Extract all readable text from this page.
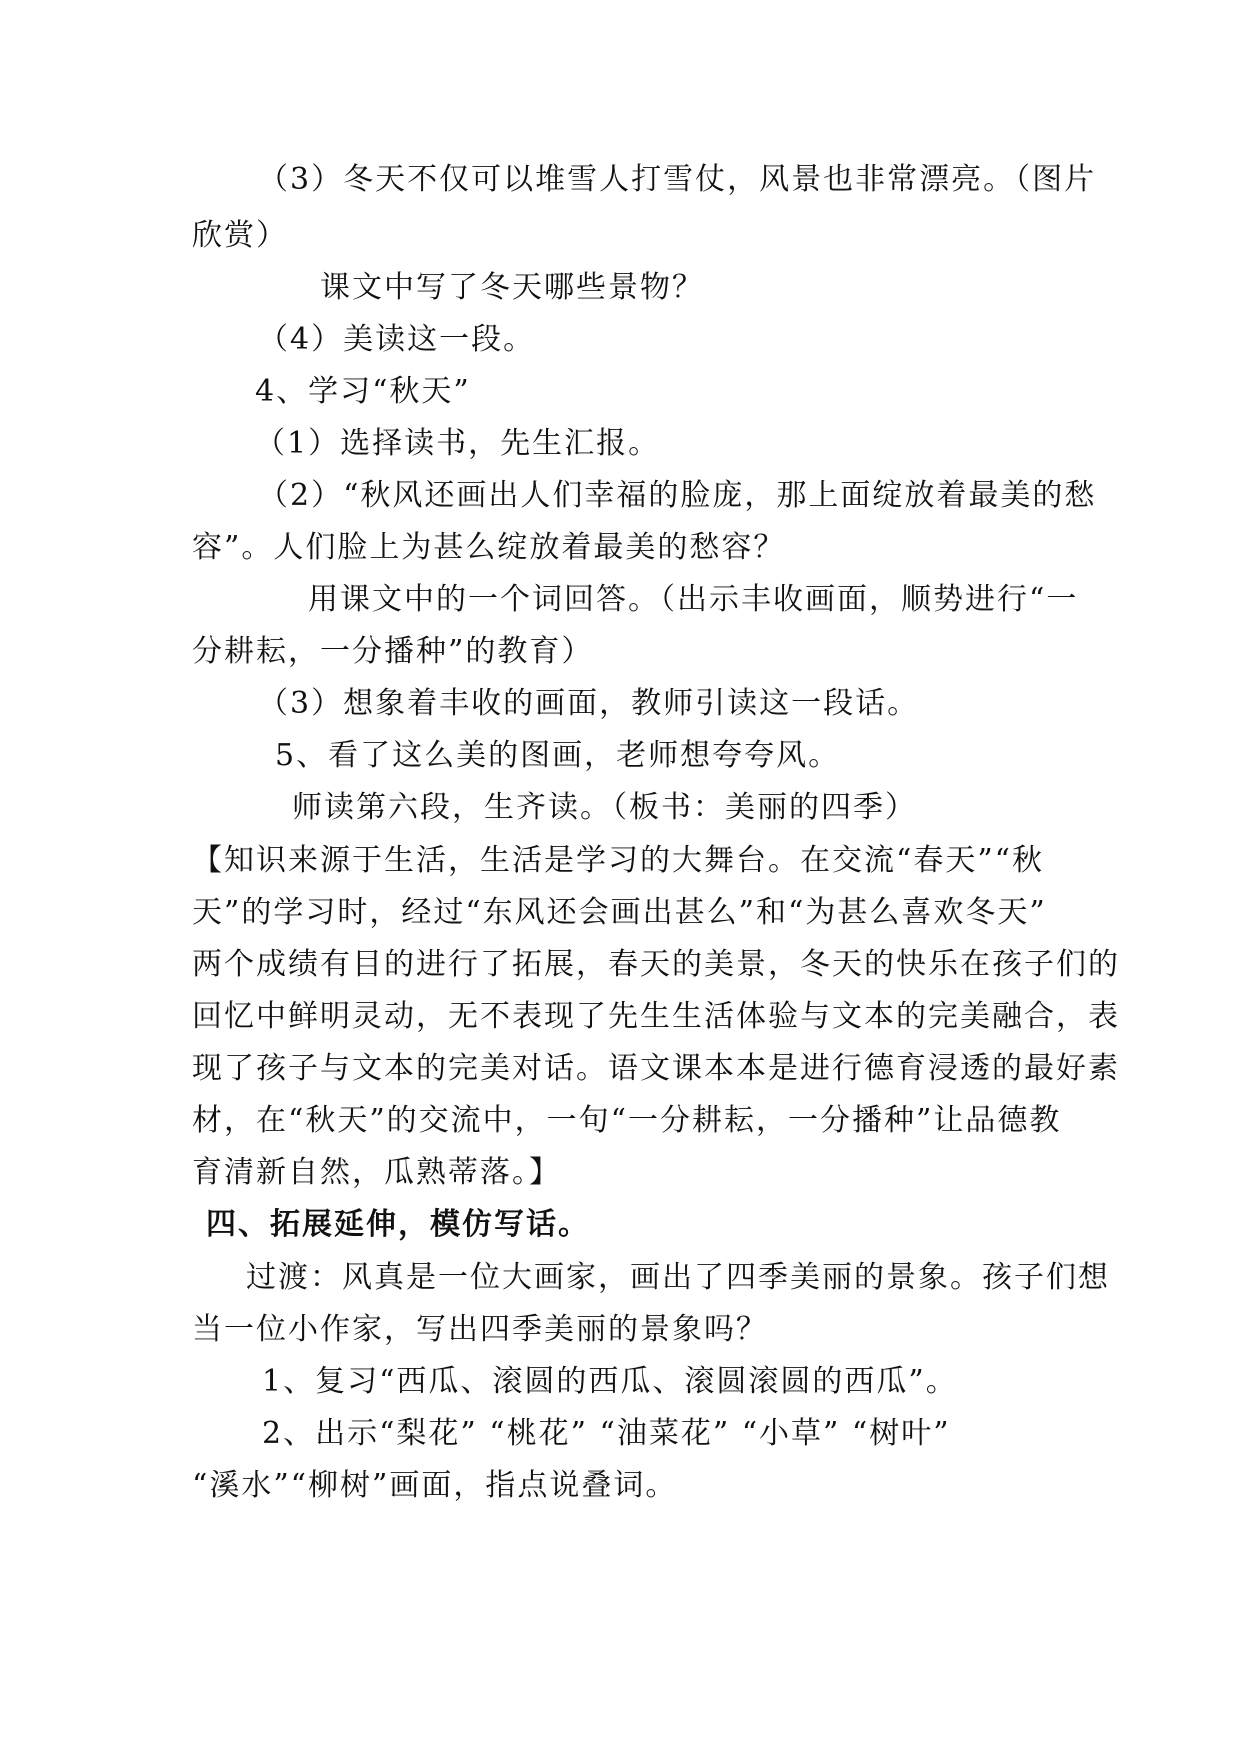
（3）冬天不仅可以堆雪人打雪仗，风景也非常漂亮。（图片
欣赏）
课文中写了冬天哪些景物？
（4）美读这一段。
4、学习“秋天”
（1）选择读书，先生汇报。
（2）“秋风还画出人们幸福的脸庞，那上面绽放着最美的愁
容”。人们脸上为甚么绽放着最美的愁容？
用课文中的一个词回答。（出示丰收画面，顺势进行“一
分耕耘，一分播种”的教育）
（3）想象着丰收的画面，教师引读这一段话。
5、看了这么美的图画，老师想夸夸风。
师读第六段，生齐读。（板书：美丽的四季）
【知识来源于生活，生活是学习的大舞台。在交流“春天”“秋
天”的学习时，经过“东风还会画出甚么”和“为甚么喜欢冬天”
两个成绩有目的进行了拓展，春天的美景，冬天的快乐在孩子们的
回忆中鲜明灵动，无不表现了先生生活体验与文本的完美融合，表
现了孩子与文本的完美对话。语文课本本是进行德育浸透的最好素
材，在“秋天”的交流中，一句“一分耕耘，一分播种”让品德教
育清新自然，瓜熟蒂落。】
四、拓展延伸，模仿写话。
过渡：风真是一位大画家，画出了四季美丽的景象。孩子们想
当一位小作家，写出四季美丽的景象吗？
1、复习“西瓜、滚圆的西瓜、滚圆滚圆的西瓜”。
2、出示“梨花” “桃花” “油菜花” “小草” “树叶”
“溪水”“柳树”画面，指点说叠词。
